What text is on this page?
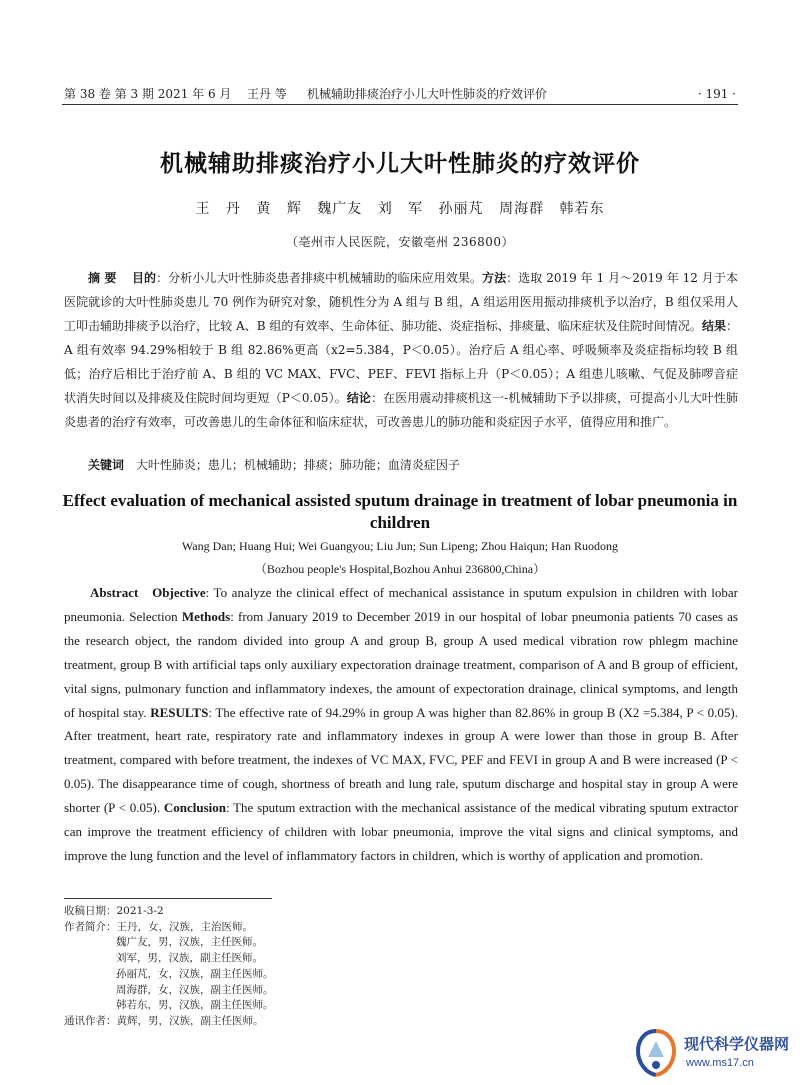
第 38 卷 第 3 期 2021 年 6 月 王丹 等 机械辅助排痰治疗小儿大叶性肺炎的疗效评价	· 191 ·
机械辅助排痰治疗小儿大叶性肺炎的疗效评价
王 丹 黄 辉 魏广友 刘 军 孙丽芃 周海群 韩若东
（亳州市人民医院，安徽亳州 236800）

摘 要 目的：分析小儿大叶性肺炎患者排痰中机械辅助的临床应用效果。方法：选取 2019 年 1 月～2019 年 12 月于本医院就诊的大叶性肺炎患儿 70 例作为研究对象，随机性分为 A 组与 B 组，A 组运用医用振动排痰机予以治疗，B 组仅采用人工叩击辅助排痰予以治疗，比较 A、B 组的有效率、生命体征、肺功能、炎症指标、排痰量、临床症状及住院时间情况。结果：A 组有效率 94.29%相较于 B 组 82.86%更高（x2=5.384，P＜0.05）。治疗后 A 组心率、呼吸频率及炎症指标均较 B 组低；治疗后相比于治疗前 A、B 组的 VC MAX、FVC、PEF、FEVI 指标上升（P＜0.05）；A 组患儿咳嗽、气促及肺啰音症状消失时间以及排痰及住院时间均更短（P＜0.05）。结论：在医用震动排痰机这一-机械辅助下予以排痰，可提高小儿大叶性肺炎患者的治疗有效率，可改善患儿的生命体征和临床症状，可改善患儿的肺功能和炎症因子水平，值得应用和推广。

关键词 大叶性肺炎；患儿；机械辅助；排痰；肺功能；血清炎症因子
Effect evaluation of mechanical assisted sputum drainage in treatment of lobar pneumonia in children
Wang Dan; Huang Hui; Wei Guangyou; Liu Jun; Sun Lipeng; Zhou Haiqun; Han Ruodong
（Bozhou people's Hospital,Bozhou Anhui 236800,China）

Abstract Objective: To analyze the clinical effect of mechanical assistance in sputum expulsion in children with lobar pneumonia. Selection Methods: from January 2019 to December 2019 in our hospital of lobar pneumonia patients 70 cases as the research object, the random divided into group A and group B, group A used medical vibration row phlegm machine treatment, group B with artificial taps only auxiliary expectoration drainage treatment, comparison of A and B group of efficient, vital signs, pulmonary function and inflammatory indexes, the amount of expectoration drainage, clinical symptoms, and length of hospital stay. RESULTS: The effective rate of 94.29% in group A was higher than 82.86% in group B (X2 =5.384, P < 0.05). After treatment, heart rate, respiratory rate and inflammatory indexes in group A were lower than those in group B. After treatment, compared with before treatment, the indexes of VC MAX, FVC, PEF and FEVI in group A and B were increased (P < 0.05). The disappearance time of cough, shortness of breath and lung rale, sputum discharge and hospital stay in group A were shorter (P < 0.05). Conclusion: The sputum extraction with the mechanical assistance of the medical vibrating sputum extractor can improve the treatment efficiency of children with lobar pneumonia, improve the vital signs and clinical symptoms, and improve the lung function and the level of inflammatory factors in children, which is worthy of application and promotion.

收稿日期：2021-3-2
作者简介：王丹，女，汉族，主治医师。
魏广友，男，汉族，主任医师。
刘军，男，汉族，副主任医师。
孙丽芃，女，汉族，副主任医师。
周海群，女，汉族，副主任医师。
韩若东，男，汉族，副主任医师。
通讯作者：黄辉，男，汉族，副主任医师。
现代科学仪器网
www.ms17.cn
